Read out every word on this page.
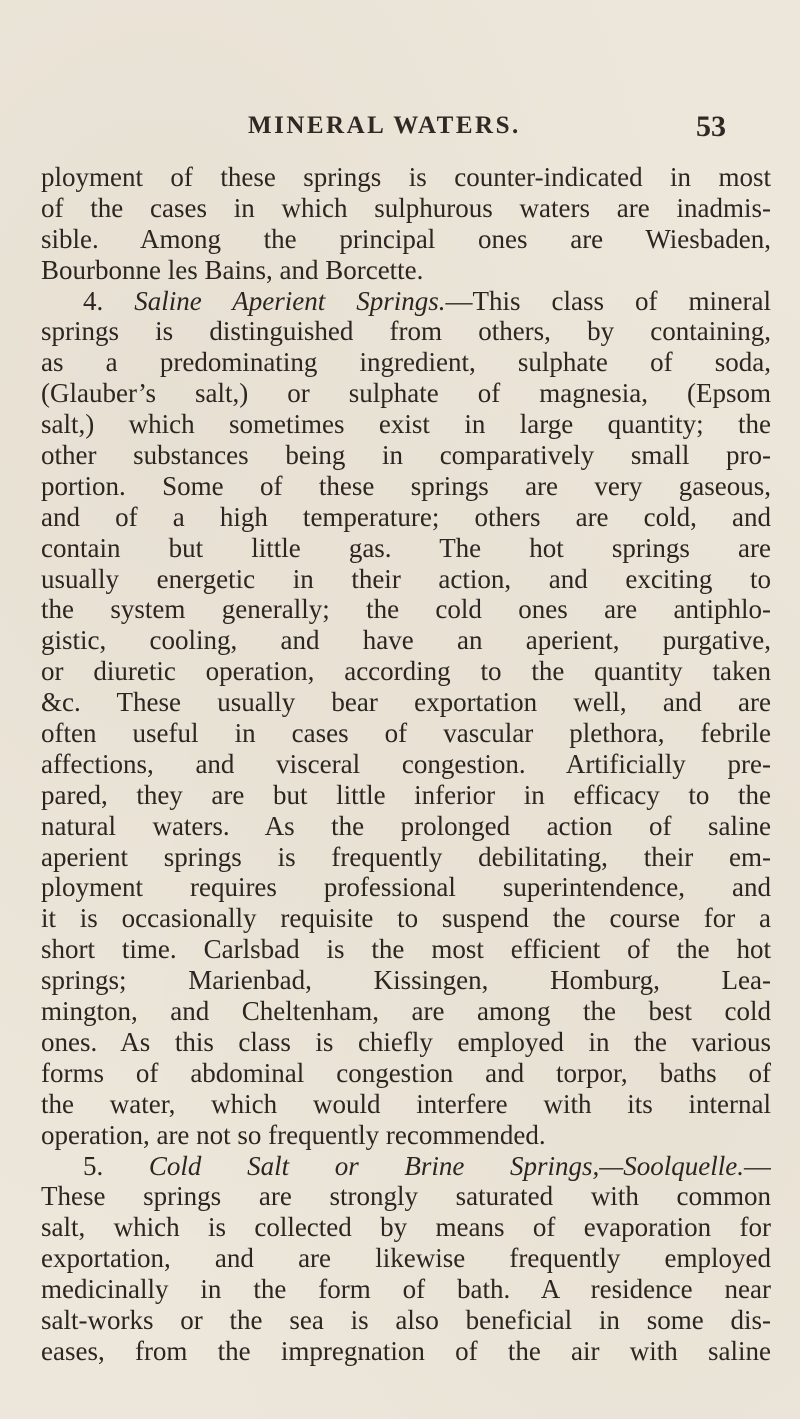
MINERAL WATERS.	53
ployment of these springs is counter-indicated in most
of the cases in which sulphurous waters are inadmis-
sible. Among the principal ones are Wiesbaden,
Bourbonne les Bains, and Borcette.
4. Saline Aperient Springs.—This class of mineral
springs is distinguished from others, by containing,
as a predominating ingredient, sulphate of soda,
(Glauber’s salt,) or sulphate of magnesia, (Epsom
salt,) which sometimes exist in large quantity; the
other substances being in comparatively small pro-
portion. Some of these springs are very gaseous,
and of a high temperature; others are cold, and
contain but little gas. The hot springs are
usually energetic in their action, and exciting to
the system generally; the cold ones are antiphlo-
gistic, cooling, and have an aperient, purgative,
or diuretic operation, according to the quantity taken
&c. These usually bear exportation well, and are
often useful in cases of vascular plethora, febrile
affections, and visceral congestion. Artificially pre-
pared, they are but little inferior in efficacy to the
natural waters. As the prolonged action of saline
aperient springs is frequently debilitating, their em-
ployment requires professional superintendence, and
it is occasionally requisite to suspend the course for a
short time. Carlsbad is the most efficient of the hot
springs; Marienbad, Kissingen, Homburg, Lea-
mington, and Cheltenham, are among the best cold
ones. As this class is chiefly employed in the various
forms of abdominal congestion and torpor, baths of
the water, which would interfere with its internal
operation, are not so frequently recommended.
5. Cold Salt or Brine Springs,—Soolquelle.—
These springs are strongly saturated with common
salt, which is collected by means of evaporation for
exportation, and are likewise frequently employed
medicinally in the form of bath. A residence near
salt-works or the sea is also beneficial in some dis-
eases, from the impregnation of the air with saline
